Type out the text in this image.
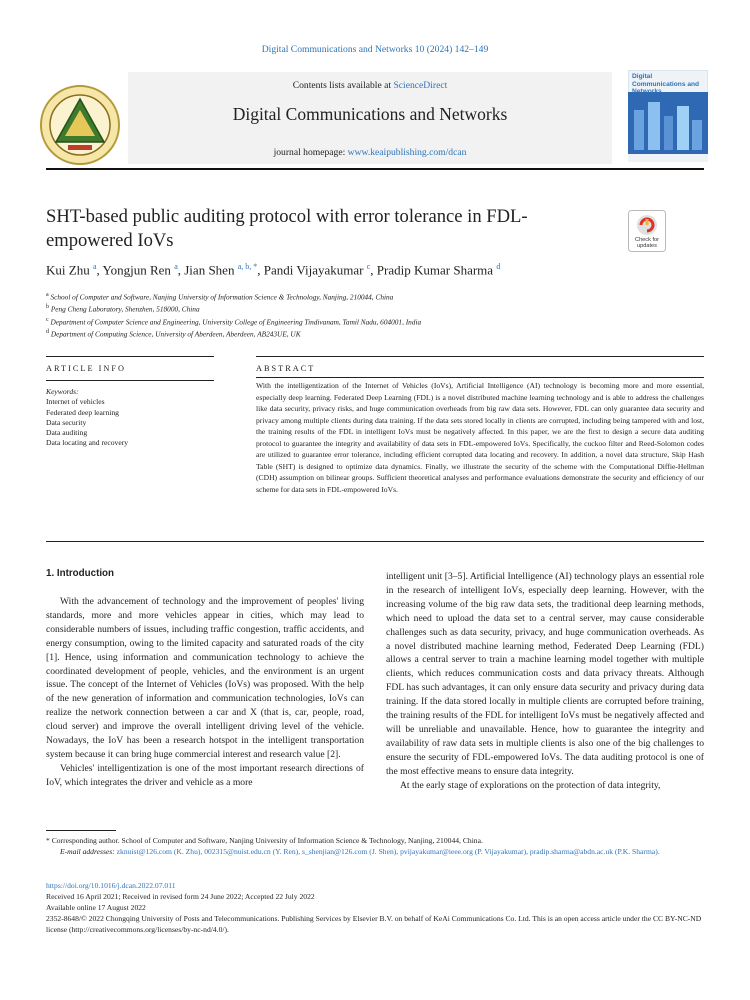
Digital Communications and Networks 10 (2024) 142–149
Contents lists available at ScienceDirect
Digital Communications and Networks
journal homepage: www.keaipublishing.com/dcan
Digital Communications and Networks
SHT-based public auditing protocol with error tolerance in FDL-empowered IoVs	Check for updates
Kui Zhu $^a$, Yongjun Ren $^a$, Jian Shen $^{a, b, *}$, Pandi Vijayakumar $^c$, Pradip Kumar Sharma $^d$
$^a$ School of Computer and Software, Nanjing University of Information Science & Technology, Nanjing, 210044, China
$^b$ Peng Cheng Laboratory, Shenzhen, 518000, China
$^c$ Department of Computer Science and Engineering, University College of Engineering Tindivanam, Tamil Nadu, 604001, India
$^d$ Department of Computing Science, University of Aberdeen, Aberdeen, AB243UE, UK
ARTICLE INFO	ABSTRACT
Keywords:
Internet of vehicles
Federated deep learning
Data security
Data auditing
Data locating and recovery
With the intelligentization of the Internet of Vehicles (IoVs), Artificial Intelligence (AI) technology is becoming more and more essential, especially deep learning. Federated Deep Learning (FDL) is a novel distributed machine learning technology and is able to address the challenges like data security, privacy risks, and huge communication overheads from big raw data sets. However, FDL can only guarantee data security and privacy among multiple clients during data training. If the data sets stored locally in clients are corrupted, including being tampered with and lost, the training results of the FDL in intelligent IoVs must be negatively affected. In this paper, we are the first to design a secure data auditing protocol to guarantee the integrity and availability of data sets in FDL-empowered IoVs. Specifically, the cuckoo filter and Reed-Solomon codes are utilized to guarantee error tolerance, including efficient corrupted data locating and recovery. In addition, a novel data structure, Skip Hash Table (SHT) is designed to optimize data dynamics. Finally, we illustrate the security of the scheme with the Computational Diffie-Hellman (CDH) assumption on bilinear groups. Sufficient theoretical analyses and performance evaluations demonstrate the security and efficiency of our scheme for data sets in FDL-empowered IoVs.
1. Introduction

With the advancement of technology and the improvement of peoples' living standards, more and more vehicles appear in cities, which may lead to considerable numbers of issues, including traffic congestion, traffic accidents, and energy consumption, owing to the limited capacity and saturated roads of the city [1]. Hence, using information and communication technology to achieve the coordinated development of people, vehicles, and the environment is an urgent issue. The concept of the Internet of Vehicles (IoVs) was proposed. With the help of the new generation of information and communication technologies, IoVs can realize the network connection between a car and X (that is, car, people, road, cloud server) and improve the overall intelligent driving level of the vehicle. Nowadays, the IoV has been a research hotspot in the intelligent transportation system because it can bring huge commercial interest and research value [2].

Vehicles' intelligentization is one of the most important research directions of IoV, which integrates the driver and vehicle as a more

intelligent unit [3–5]. Artificial Intelligence (AI) technology plays an essential role in the research of intelligent IoVs, especially deep learning. However, with the increasing volume of the big raw data sets, the traditional deep learning methods, which need to upload the data set to a central server, may cause considerable challenges such as data security, privacy, and huge communication overheads. As a novel distributed machine learning method, Federated Deep Learning (FDL) allows a central server to train a machine learning model together with multiple clients, which reduces communication costs and data privacy threats. Although FDL has such advantages, it can only ensure data security and privacy during data training. If the data stored locally in multiple clients are corrupted before training, the training results of the FDL for intelligent IoVs must be negatively affected and will be unreliable and unavailable. Hence, how to guarantee the integrity and availability of raw data sets in multiple clients is also one of the big challenges to ensure the security of FDL-empowered IoVs. The data auditing protocol is one of the most effective means to ensure data integrity.

At the early stage of explorations on the protection of data integrity,

* Corresponding author. School of Computer and Software, Nanjing University of Information Science & Technology, Nanjing, 210044, China.
E-mail addresses: zknuist@126.com (K. Zhu), 002315@nuist.edu.cn (Y. Ren), s_shenjian@126.com (J. Shen), pvijayakumar@ieee.org (P. Vijayakumar), pradip.sharma@abdn.ac.uk (P.K. Sharma).
https://doi.org/10.1016/j.dcan.2022.07.011
Received 16 April 2021; Received in revised form 24 June 2022; Accepted 22 July 2022
Available online 17 August 2022
2352-8648/© 2022 Chongqing University of Posts and Telecommunications. Publishing Services by Elsevier B.V. on behalf of KeAi Communications Co. Ltd. This is an open access article under the CC BY-NC-ND license (http://creativecommons.org/licenses/by-nc-nd/4.0/).
